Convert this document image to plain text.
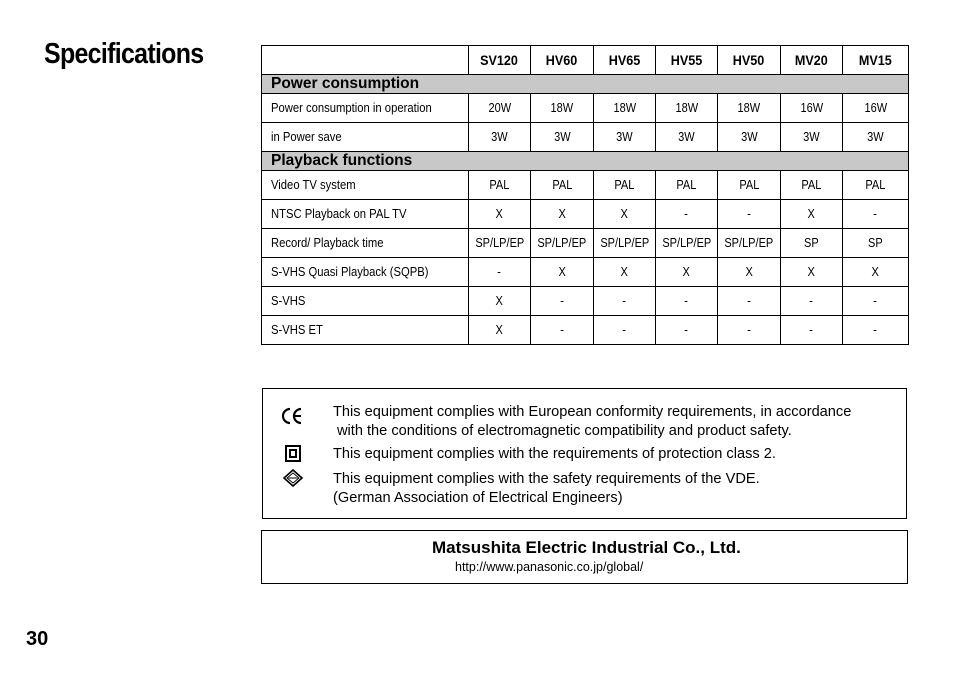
Specifications
		SV120	HV60	HV65	HV55	HV50	MV20	MV15
Power consumption							
Power consumption in operation	20W	18W	18W	18W	18W	16W	16W
in Power save	3W	3W	3W	3W	3W	3W	3W
Playback functions							
Video TV system	PAL	PAL	PAL	PAL	PAL	PAL	PAL
NTSC Playback on PAL TV	X	X	X	-	-	X	-
Record/ Playback time	SP/LP/EP	SP/LP/EP	SP/LP/EP	SP/LP/EP	SP/LP/EP	SP	SP
S-VHS Quasi Playback (SQPB)	-	X	X	X	X	X	X
S-VHS	X	-	-	-	-	-	-
S-VHS ET	X	-	-	-	-	-	-
This equipment complies with European conformity requirements, in accordance
with the conditions of electromagnetic compatibility and product safety.
This equipment complies with the requirements of protection class 2.
This equipment complies with the safety requirements of the VDE.
(German Association of Electrical Engineers)
Matsushita Electric Industrial Co., Ltd.
http://www.panasonic.co.jp/global/
30
